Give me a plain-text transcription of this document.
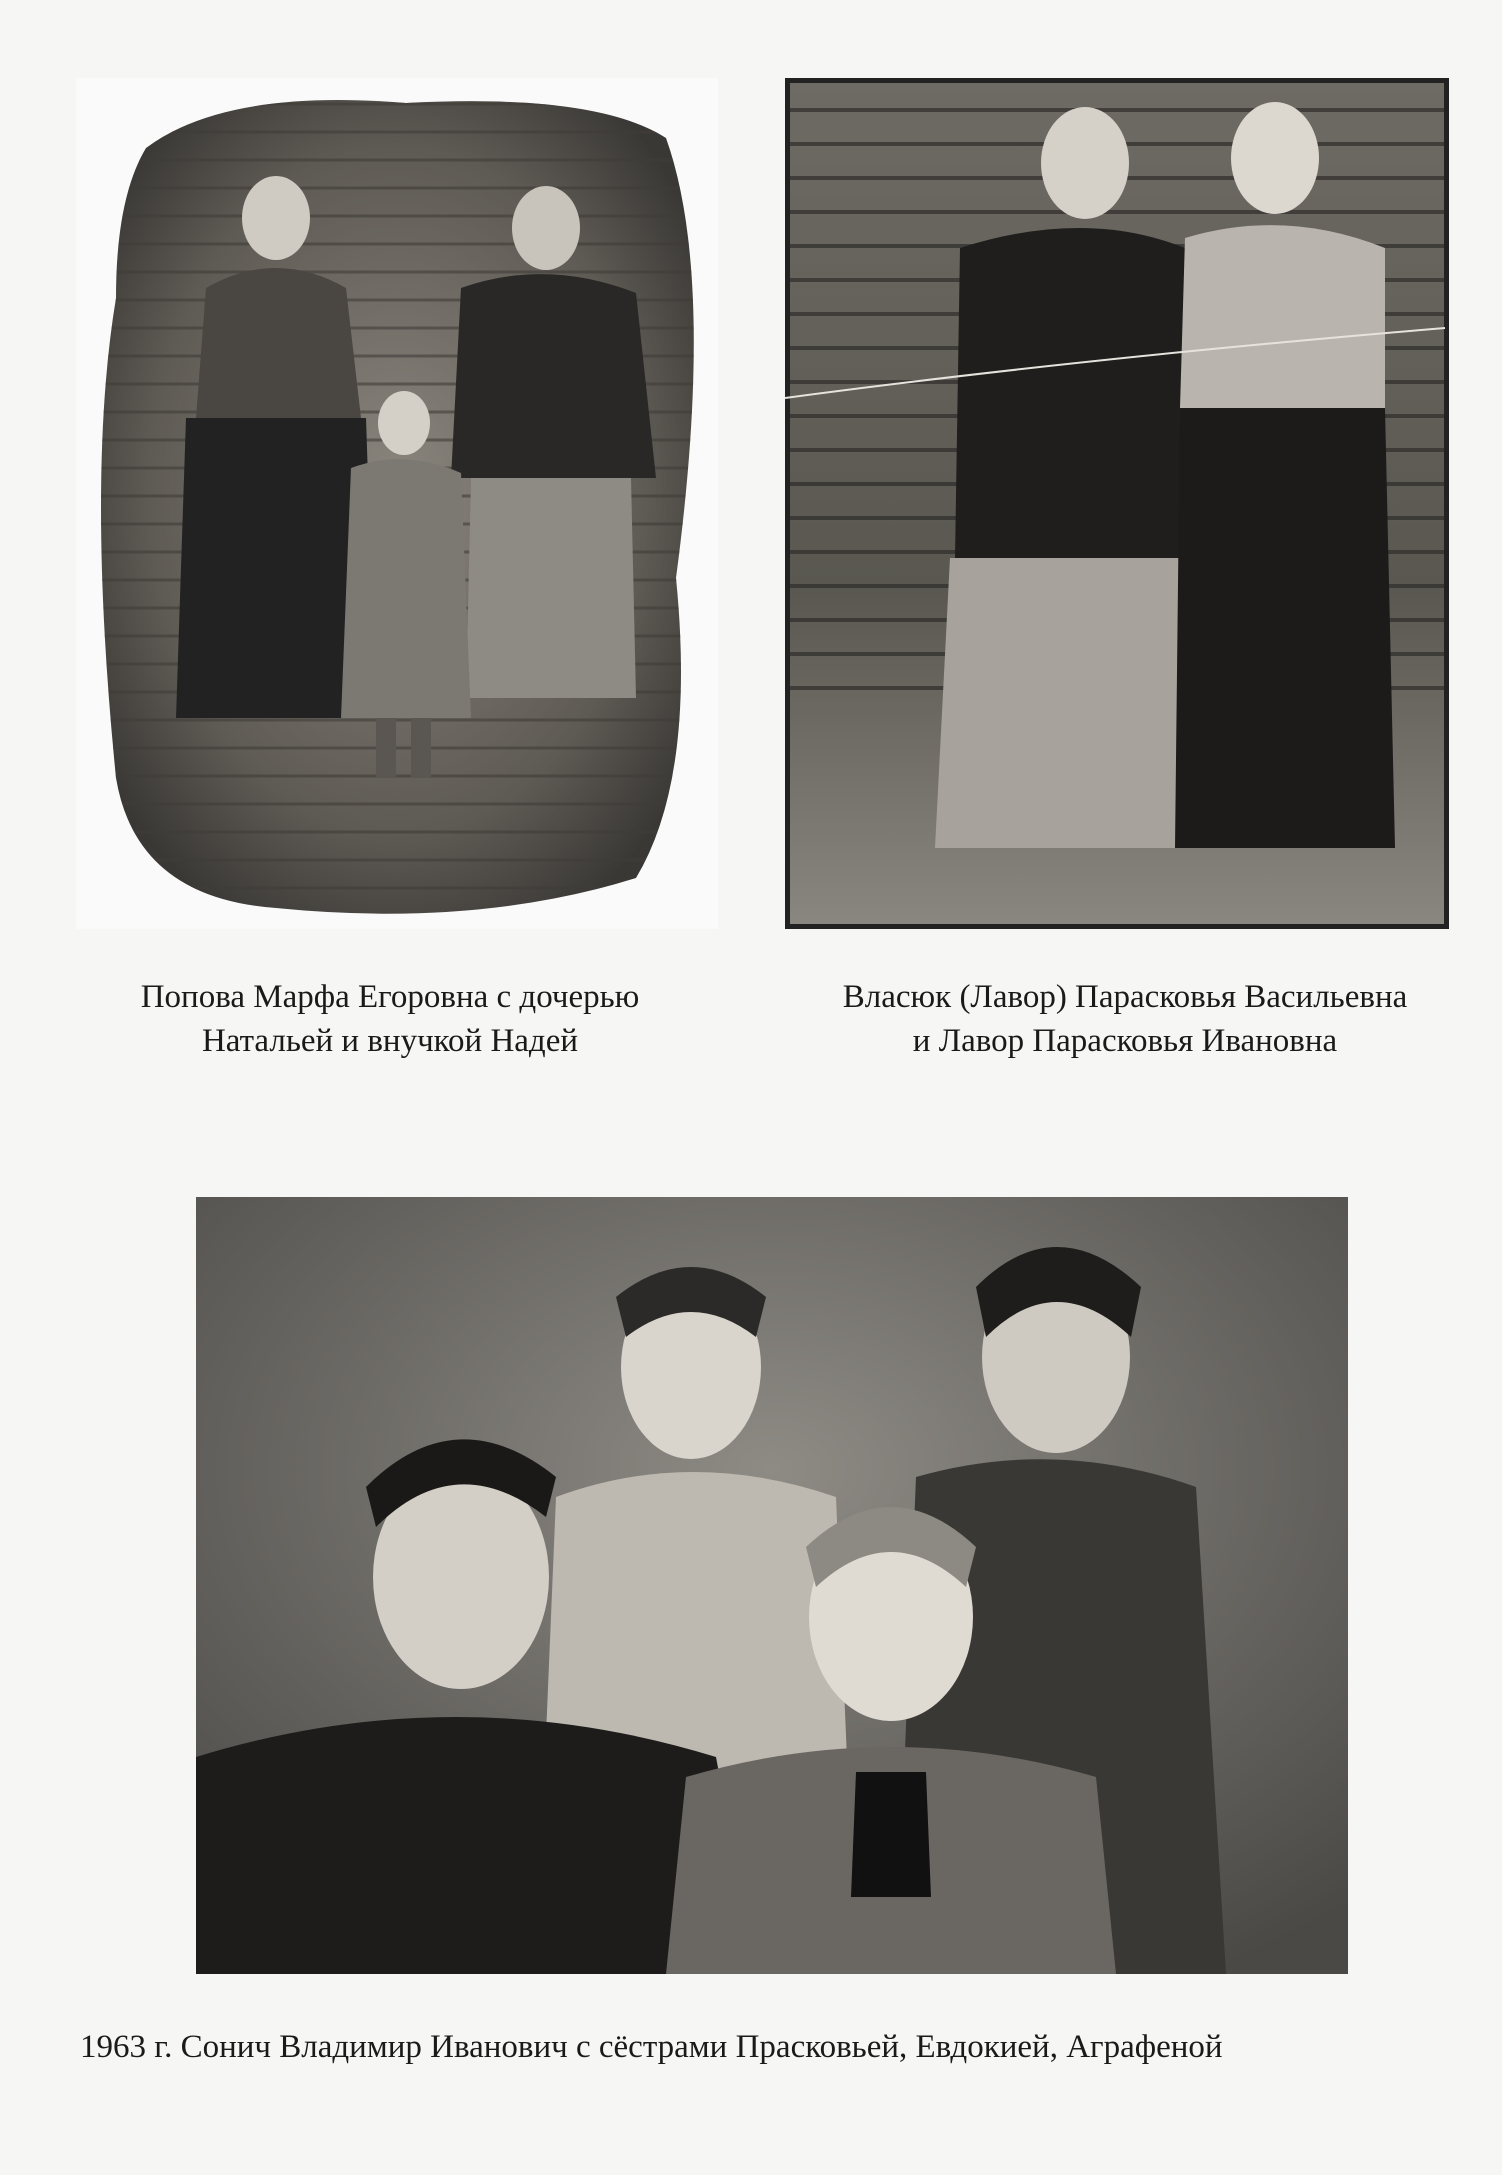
Попова Марфа Егоровна с дочерью
Натальей и внучкой Надей
Власюк (Лавор) Парасковья Васильевна
и Лавор Парасковья Ивановна
1963 г. Сонич Владимир Иванович с сёстрами Прасковьей, Евдокией, Аграфеной
